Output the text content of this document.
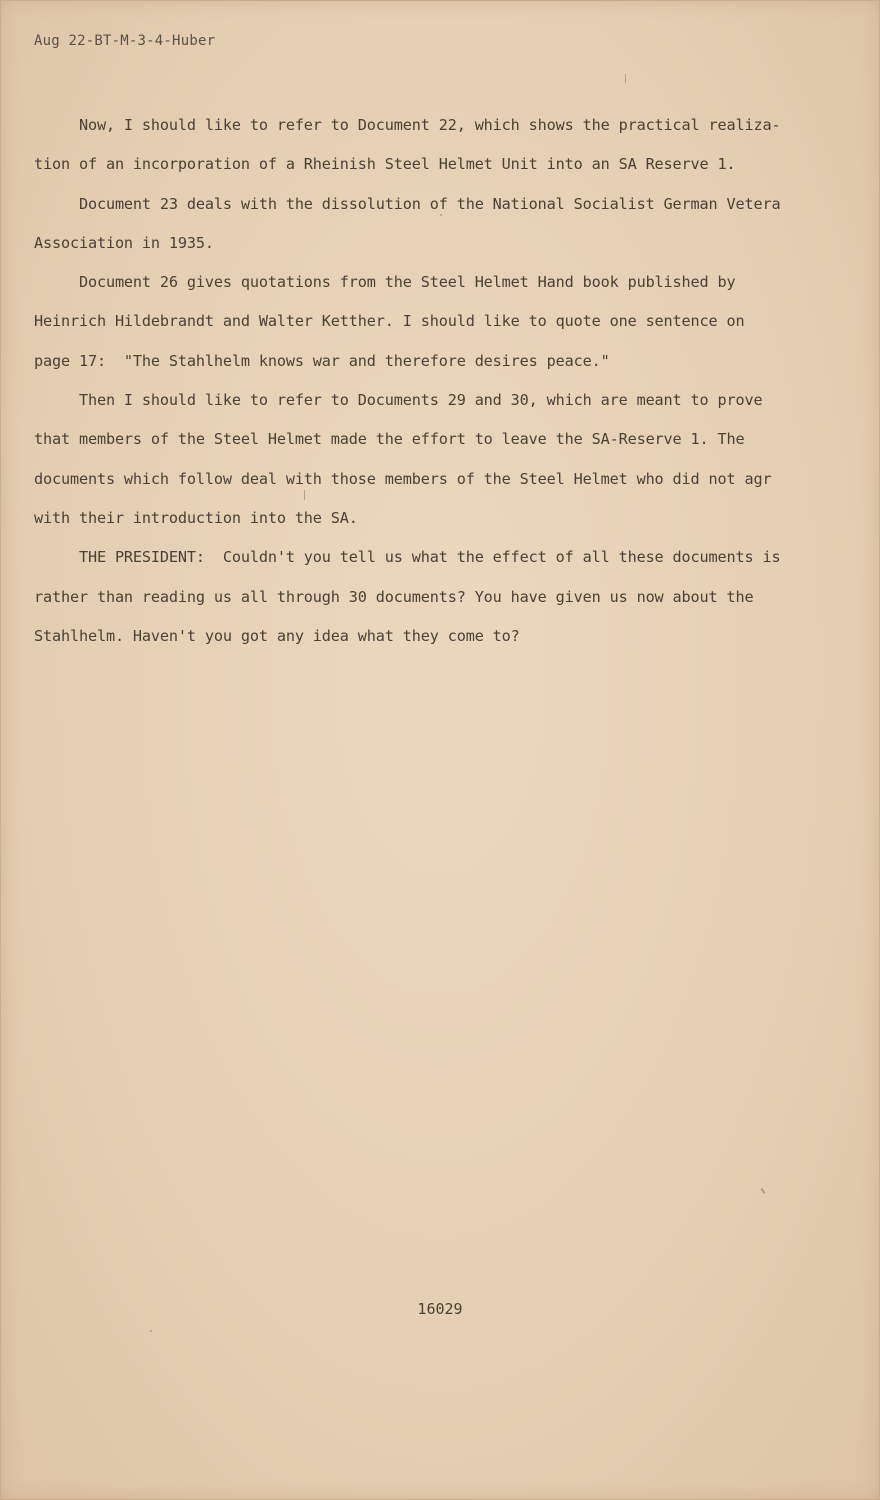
Aug 22-BT-M-3-4-Huber
Now, I should like to refer to Document 22, which shows the practical realiza-
tion of an incorporation of a Rheinish Steel Helmet Unit into an SA Reserve 1.
Document 23 deals with the dissolution of the National Socialist German Vetera
Association in 1935.
Document 26 gives quotations from the Steel Helmet Hand book published by
Heinrich Hildebrandt and Walter Ketther. I should like to quote one sentence on
page 17:  "The Stahlhelm knows war and therefore desires peace."
Then I should like to refer to Documents 29 and 30, which are meant to prove
that members of the Steel Helmet made the effort to leave the SA-Reserve 1. The
documents which follow deal with those members of the Steel Helmet who did not agr
with their introduction into the SA.
THE PRESIDENT:  Couldn't you tell us what the effect of all these documents is
rather than reading us all through 30 documents? You have given us now about the
Stahlhelm. Haven't you got any idea what they come to?
16029
